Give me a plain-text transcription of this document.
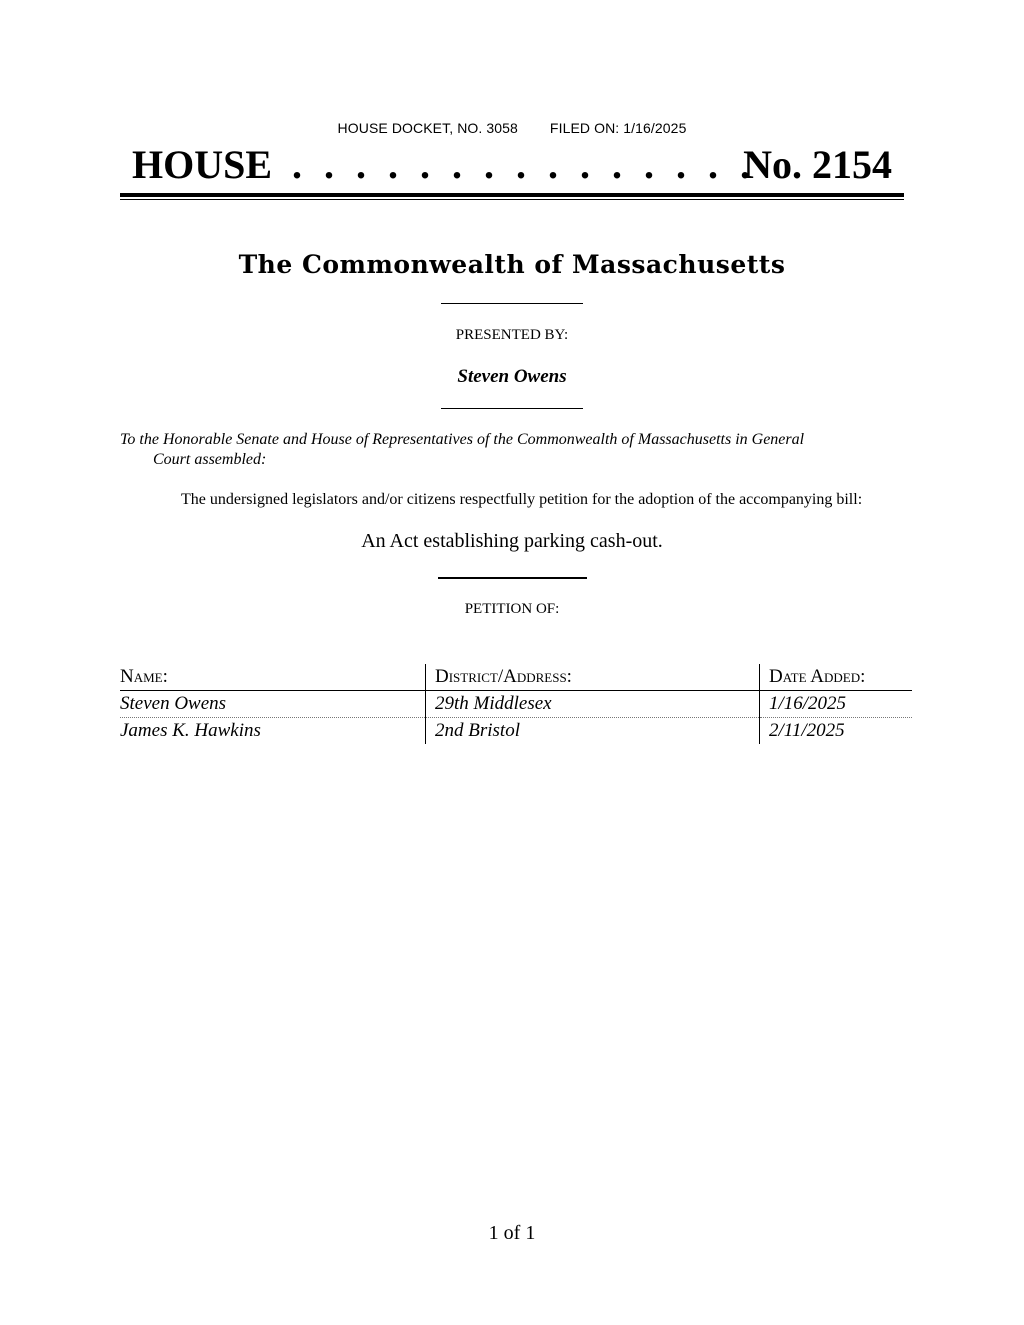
HOUSE DOCKET, NO. 3058 FILED ON: 1/16/2025
HOUSE . . . . . . . . . . . . . . .
No. 2154
The Commonwealth of Massachusetts
PRESENTED BY:
Steven Owens
To the Honorable Senate and House of Representatives of the Commonwealth of Massachusetts in General
Court assembled:
The undersigned legislators and/or citizens respectfully petition for the adoption of the accompanying bill:
An Act establishing parking cash-out.
PETITION OF:
Name:	District/Address:	Date Added:
Steven Owens	29th Middlesex	1/16/2025
James K. Hawkins	2nd Bristol	2/11/2025
1 of 1
